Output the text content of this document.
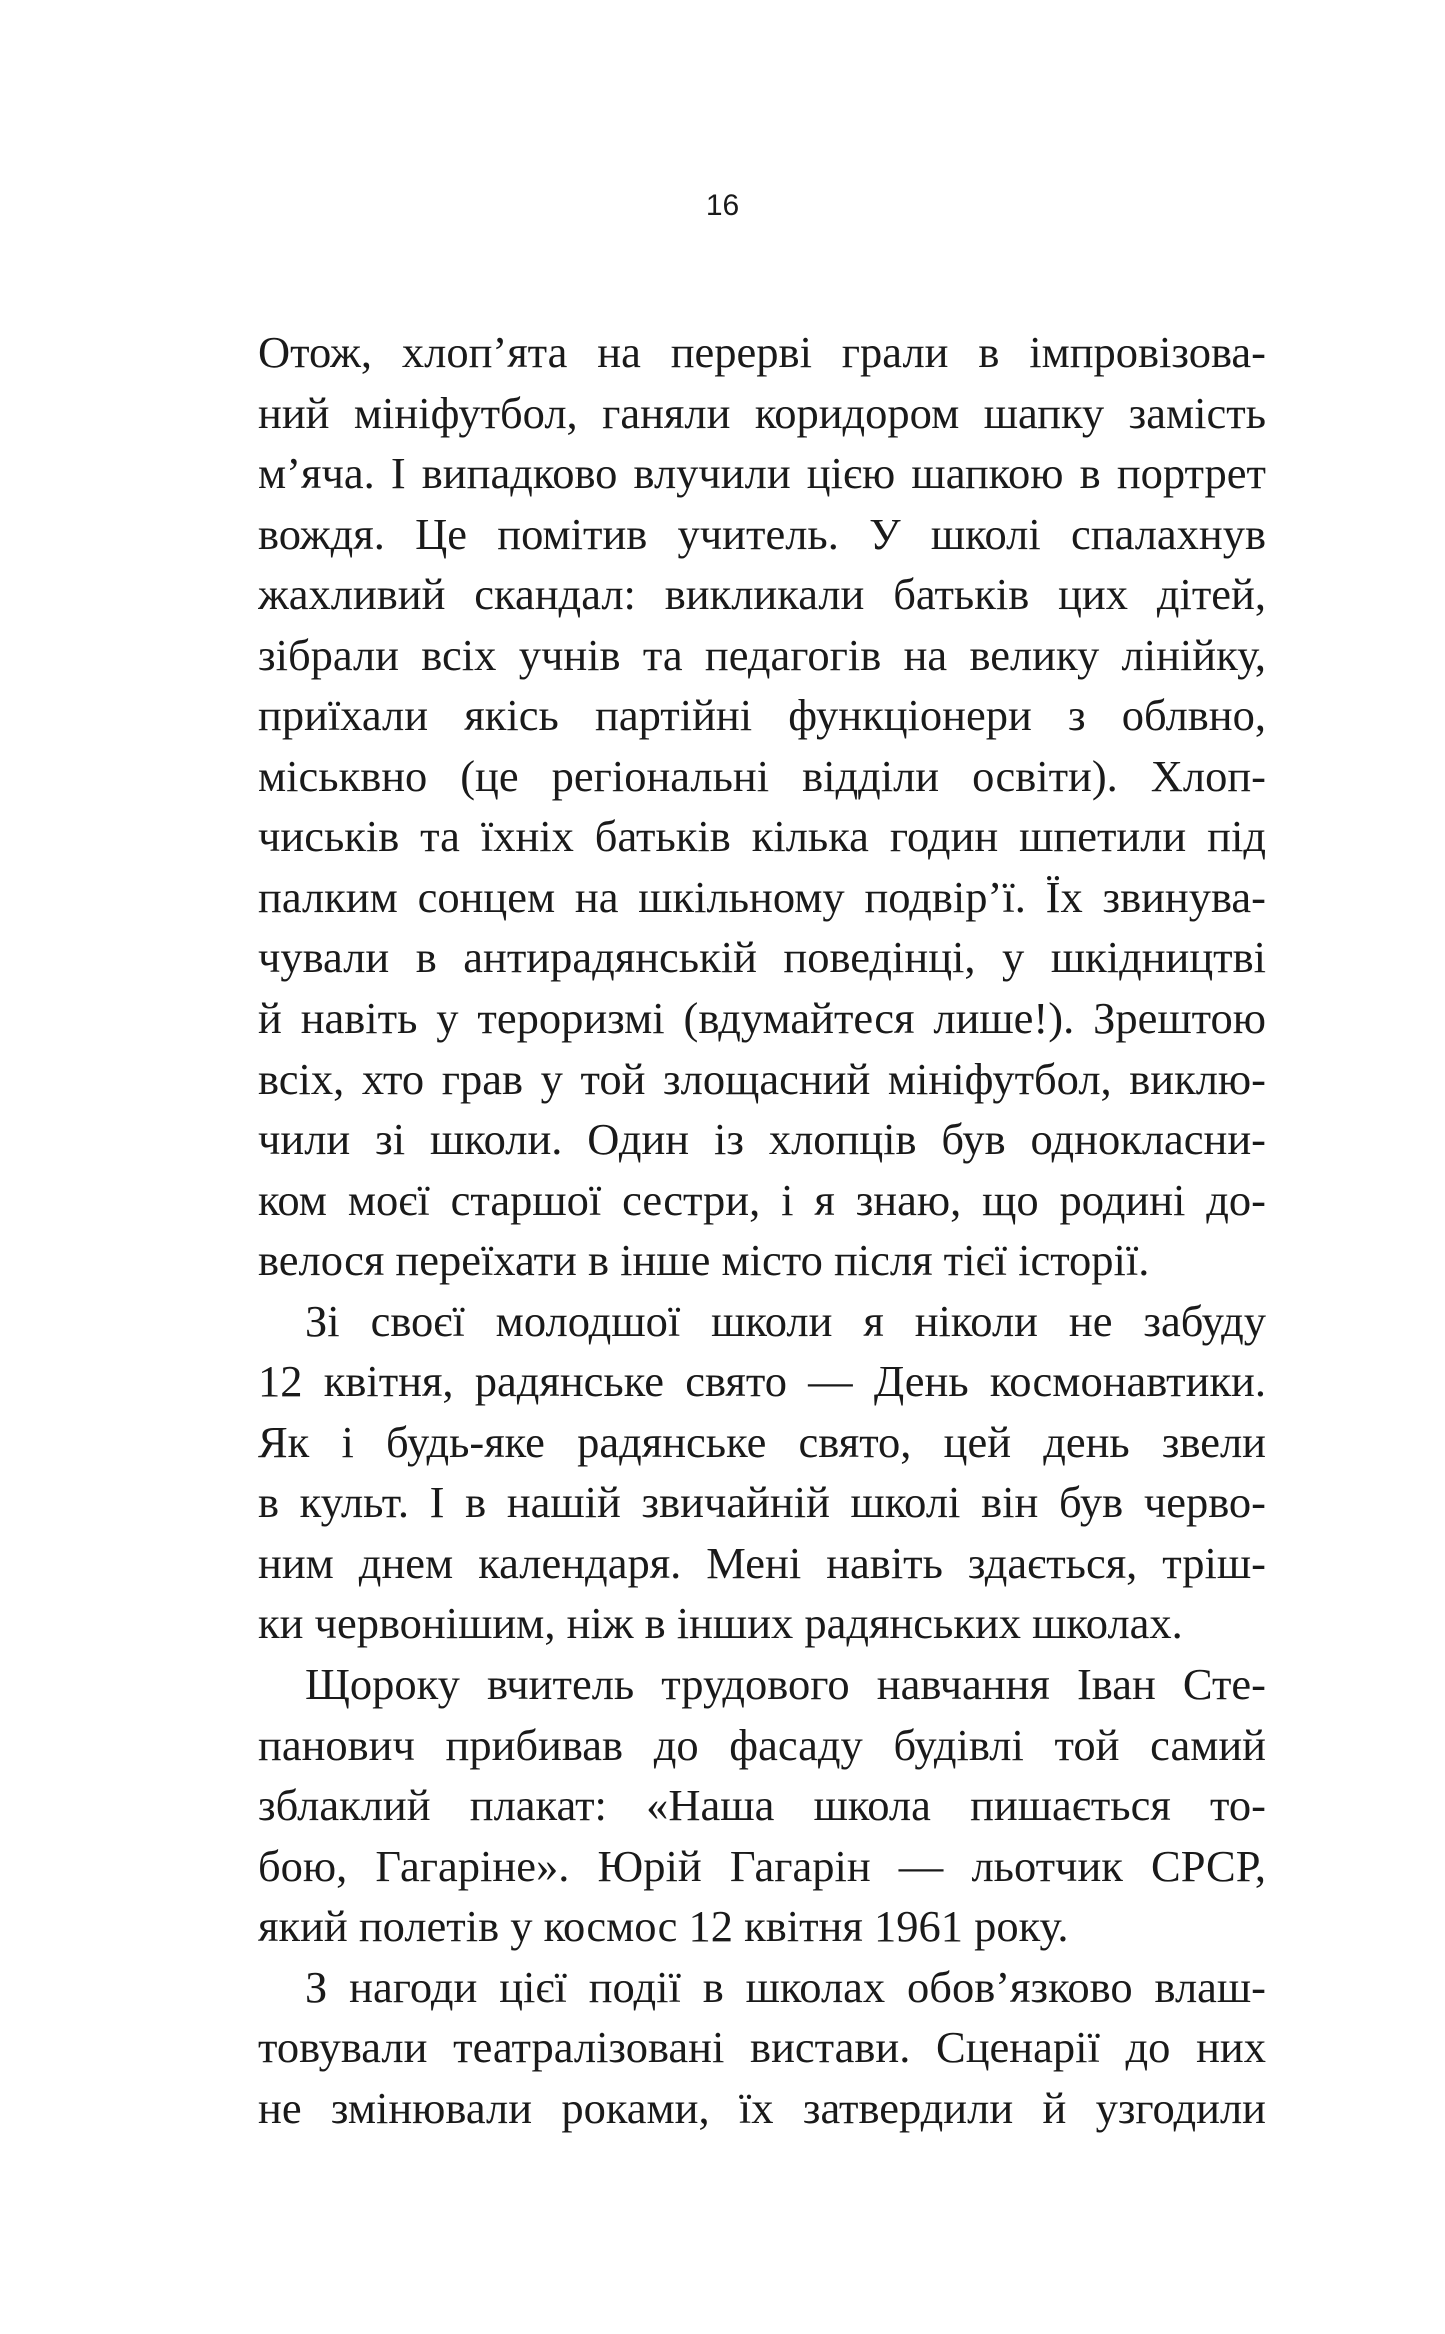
16
Отож, хлоп’ята на перерві грали в імпровізова-
ний мініфутбол, ганяли коридором шапку замість
м’яча. І випадково влучили цією шапкою в портрет
вождя. Це помітив учитель. У школі спалахнув
жахливий скандал: викликали батьків цих дітей,
зібрали всіх учнів та педагогів на велику лінійку,
приїхали якісь партійні функціонери з облвно,
міськвно (це регіональні відділи освіти). Хлоп-
чиськів та їхніх батьків кілька годин шпетили під
палким сонцем на шкільному подвір’ї. Їх звинува-
чували в антирадянській поведінці, у шкідництві
й навіть у тероризмі (вдумайтеся лише!). Зрештою
всіх, хто грав у той злощасний мініфутбол, виклю-
чили зі школи. Один із хлопців був однокласни-
ком моєї старшої сестри, і я знаю, що родині до-
велося переїхати в інше місто після тієї історії.
Зі своєї молодшої школи я ніколи не забуду
12 квітня, радянське свято — День космонавтики.
Як і будь-яке радянське свято, цей день звели
в культ. І в нашій звичайній школі він був черво-
ним днем календаря. Мені навіть здається, тріш-
ки червонішим, ніж в інших радянських школах.
Щороку вчитель трудового навчання Іван Сте-
панович прибивав до фасаду будівлі той самий
зблаклий плакат: «Наша школа пишається то-
бою, Гагаріне». Юрій Гагарін — льотчик СРСР,
який полетів у космос 12 квітня 1961 року.
З нагоди цієї події в школах обов’язково влаш-
товували театралізовані вистави. Сценарії до них
не змінювали роками, їх затвердили й узгодили
